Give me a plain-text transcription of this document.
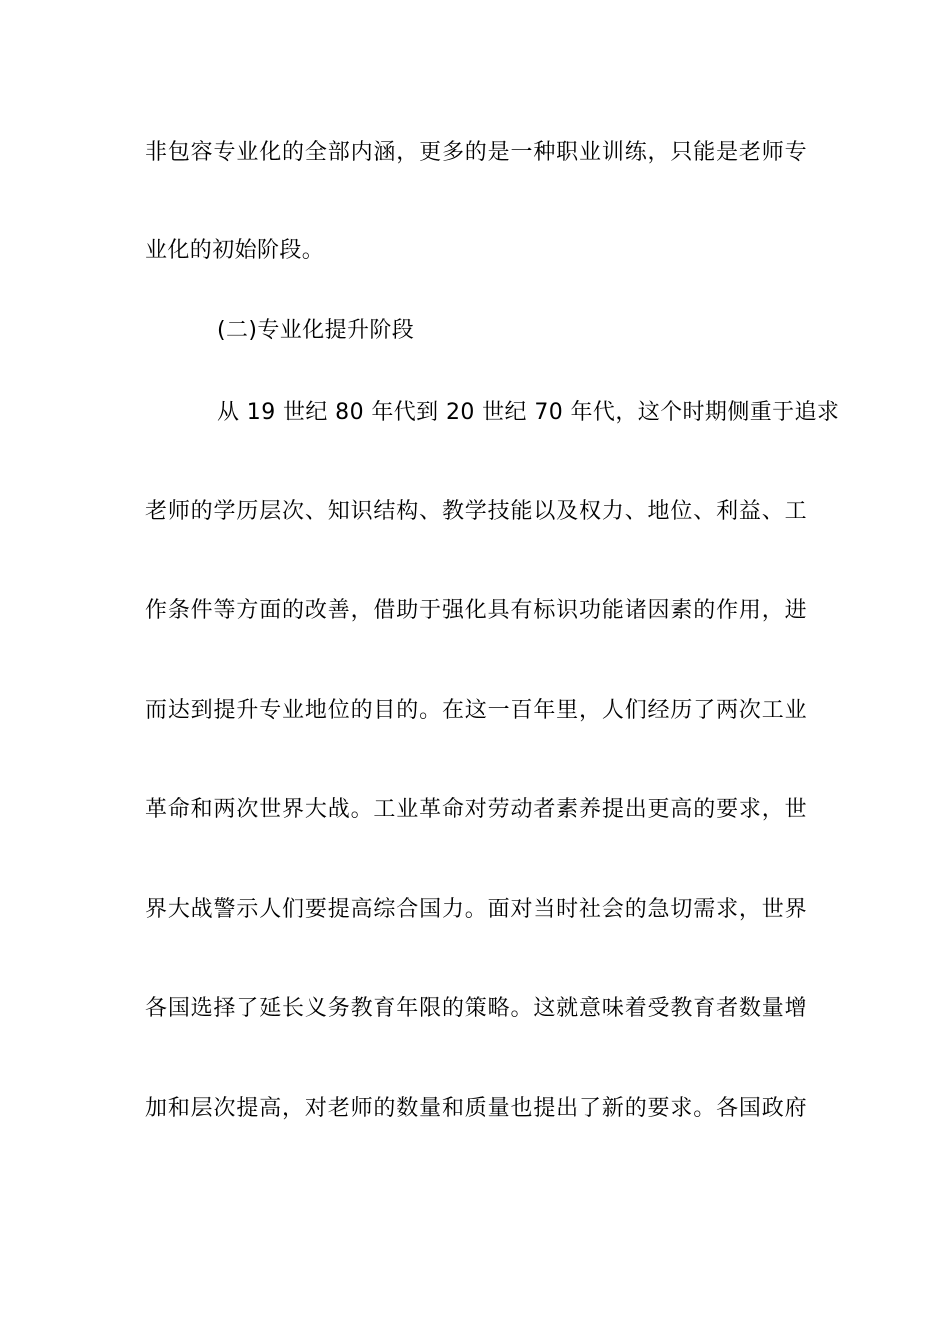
非包容专业化的全部内涵，更多的是一种职业训练，只能是老师专
业化的初始阶段。
(二)专业化提升阶段
从 19 世纪 80 年代到 20 世纪 70 年代，这个时期侧重于追求
老师的学历层次、知识结构、教学技能以及权力、地位、利益、工
作条件等方面的改善，借助于强化具有标识功能诸因素的作用，进
而达到提升专业地位的目的。在这一百年里，人们经历了两次工业
革命和两次世界大战。工业革命对劳动者素养提出更高的要求，世
界大战警示人们要提高综合国力。面对当时社会的急切需求，世界
各国选择了延长义务教育年限的策略。这就意味着受教育者数量增
加和层次提高，对老师的数量和质量也提出了新的要求。各国政府
